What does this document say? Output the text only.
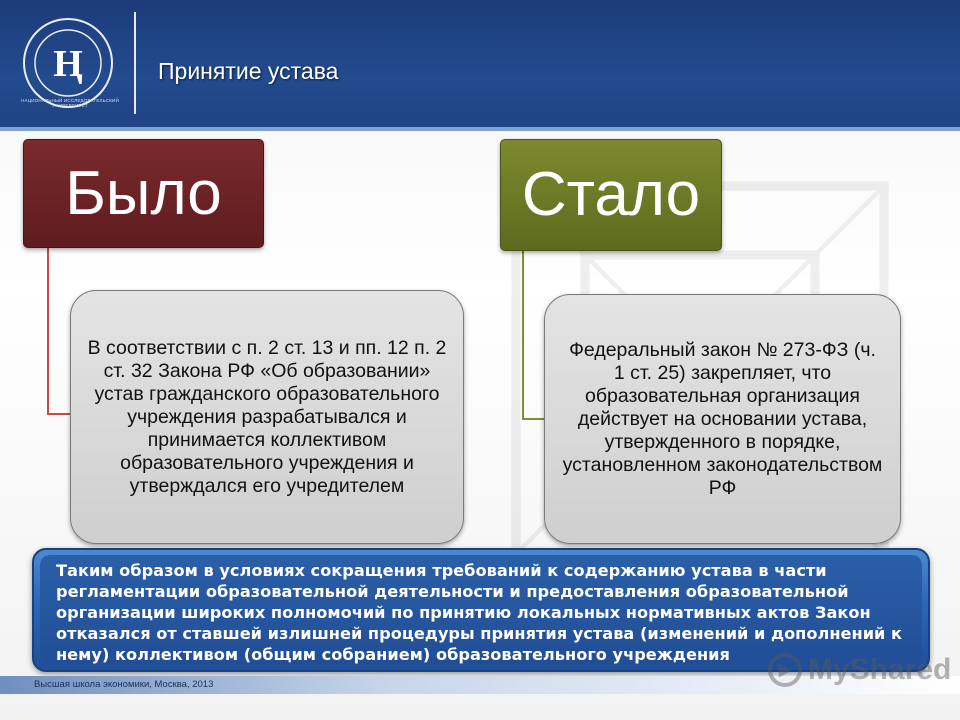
Ⱨ
НАЦИОНАЛЬНЫЙ ИССЛЕДОВАТЕЛЬСКИЙ УНИВЕРСИТЕТ
Принятие устава
Было	Стало
В соответствии с п. 2 ст. 13 и пп. 12 п. 2 ст. 32 Закона РФ «Об образовании» устав гражданского образовательного учреждения разрабатывался и принимается коллективом образовательного учреждения и утверждался его учредителем
Федеральный закон № 273-ФЗ (ч. 1 ст. 25) закрепляет, что образовательная организация действует на основании устава, утвержденного в порядке, установленном законодательством РФ
Таким образом в условиях сокращения требований к содержанию устава в части регламентации образовательной деятельности и предоставления образовательной организации широких полномочий по принятию локальных нормативных актов Закон отказался от ставшей излишней процедуры принятия устава (изменений и дополнений к нему) коллективом (общим собранием) образовательного учреждения
Высшая школа экономики, Москва, 2013
▶ MyShared
